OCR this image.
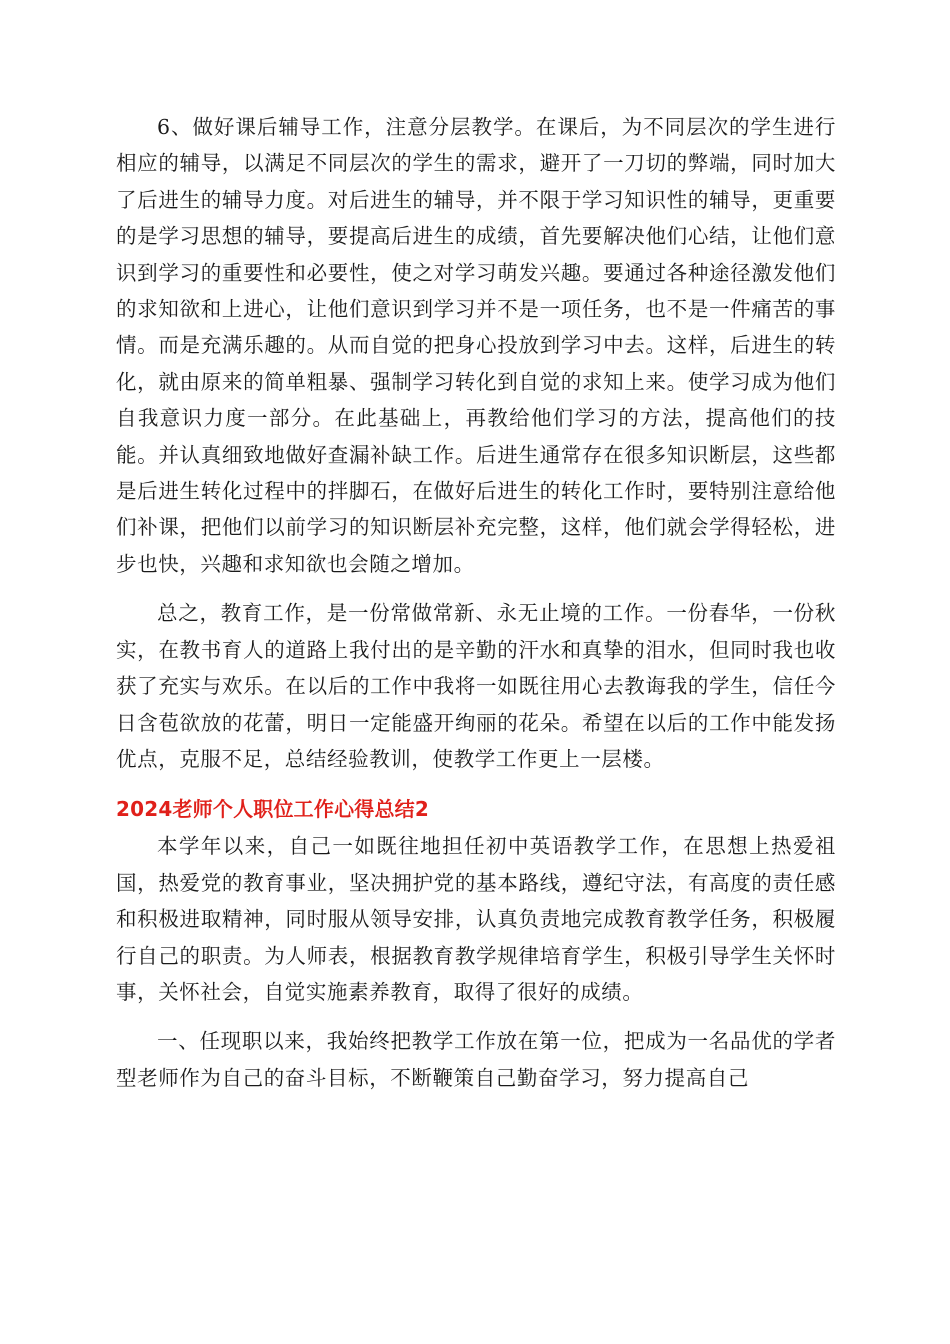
6、做好课后辅导工作，注意分层教学。在课后，为不同层次的学生进行相应的辅导，以满足不同层次的学生的需求，避开了一刀切的弊端，同时加大了后进生的辅导力度。对后进生的辅导，并不限于学习知识性的辅导，更重要的是学习思想的辅导，要提高后进生的成绩，首先要解决他们心结，让他们意识到学习的重要性和必要性，使之对学习萌发兴趣。要通过各种途径激发他们的求知欲和上进心，让他们意识到学习并不是一项任务，也不是一件痛苦的事情。而是充满乐趣的。从而自觉的把身心投放到学习中去。这样，后进生的转化，就由原来的简单粗暴、强制学习转化到自觉的求知上来。使学习成为他们自我意识力度一部分。在此基础上，再教给他们学习的方法，提高他们的技能。并认真细致地做好查漏补缺工作。后进生通常存在很多知识断层，这些都是后进生转化过程中的拌脚石，在做好后进生的转化工作时，要特别注意给他们补课，把他们以前学习的知识断层补充完整，这样，他们就会学得轻松，进步也快，兴趣和求知欲也会随之增加。

总之，教育工作，是一份常做常新、永无止境的工作。一份春华，一份秋实，在教书育人的道路上我付出的是辛勤的汗水和真挚的泪水，但同时我也收获了充实与欢乐。在以后的工作中我将一如既往用心去教诲我的学生，信任今日含苞欲放的花蕾，明日一定能盛开绚丽的花朵。希望在以后的工作中能发扬优点，克服不足，总结经验教训，使教学工作更上一层楼。

2024老师个人职位工作心得总结2

本学年以来，自己一如既往地担任初中英语教学工作，在思想上热爱祖国，热爱党的教育事业，坚决拥护党的基本路线，遵纪守法，有高度的责任感和积极进取精神，同时服从领导安排，认真负责地完成教育教学任务，积极履行自己的职责。为人师表，根据教育教学规律培育学生，积极引导学生关怀时事，关怀社会，自觉实施素养教育，取得了很好的成绩。

一、任现职以来，我始终把教学工作放在第一位，把成为一名品优的学者型老师作为自己的奋斗目标，不断鞭策自己勤奋学习，努力提高自己
